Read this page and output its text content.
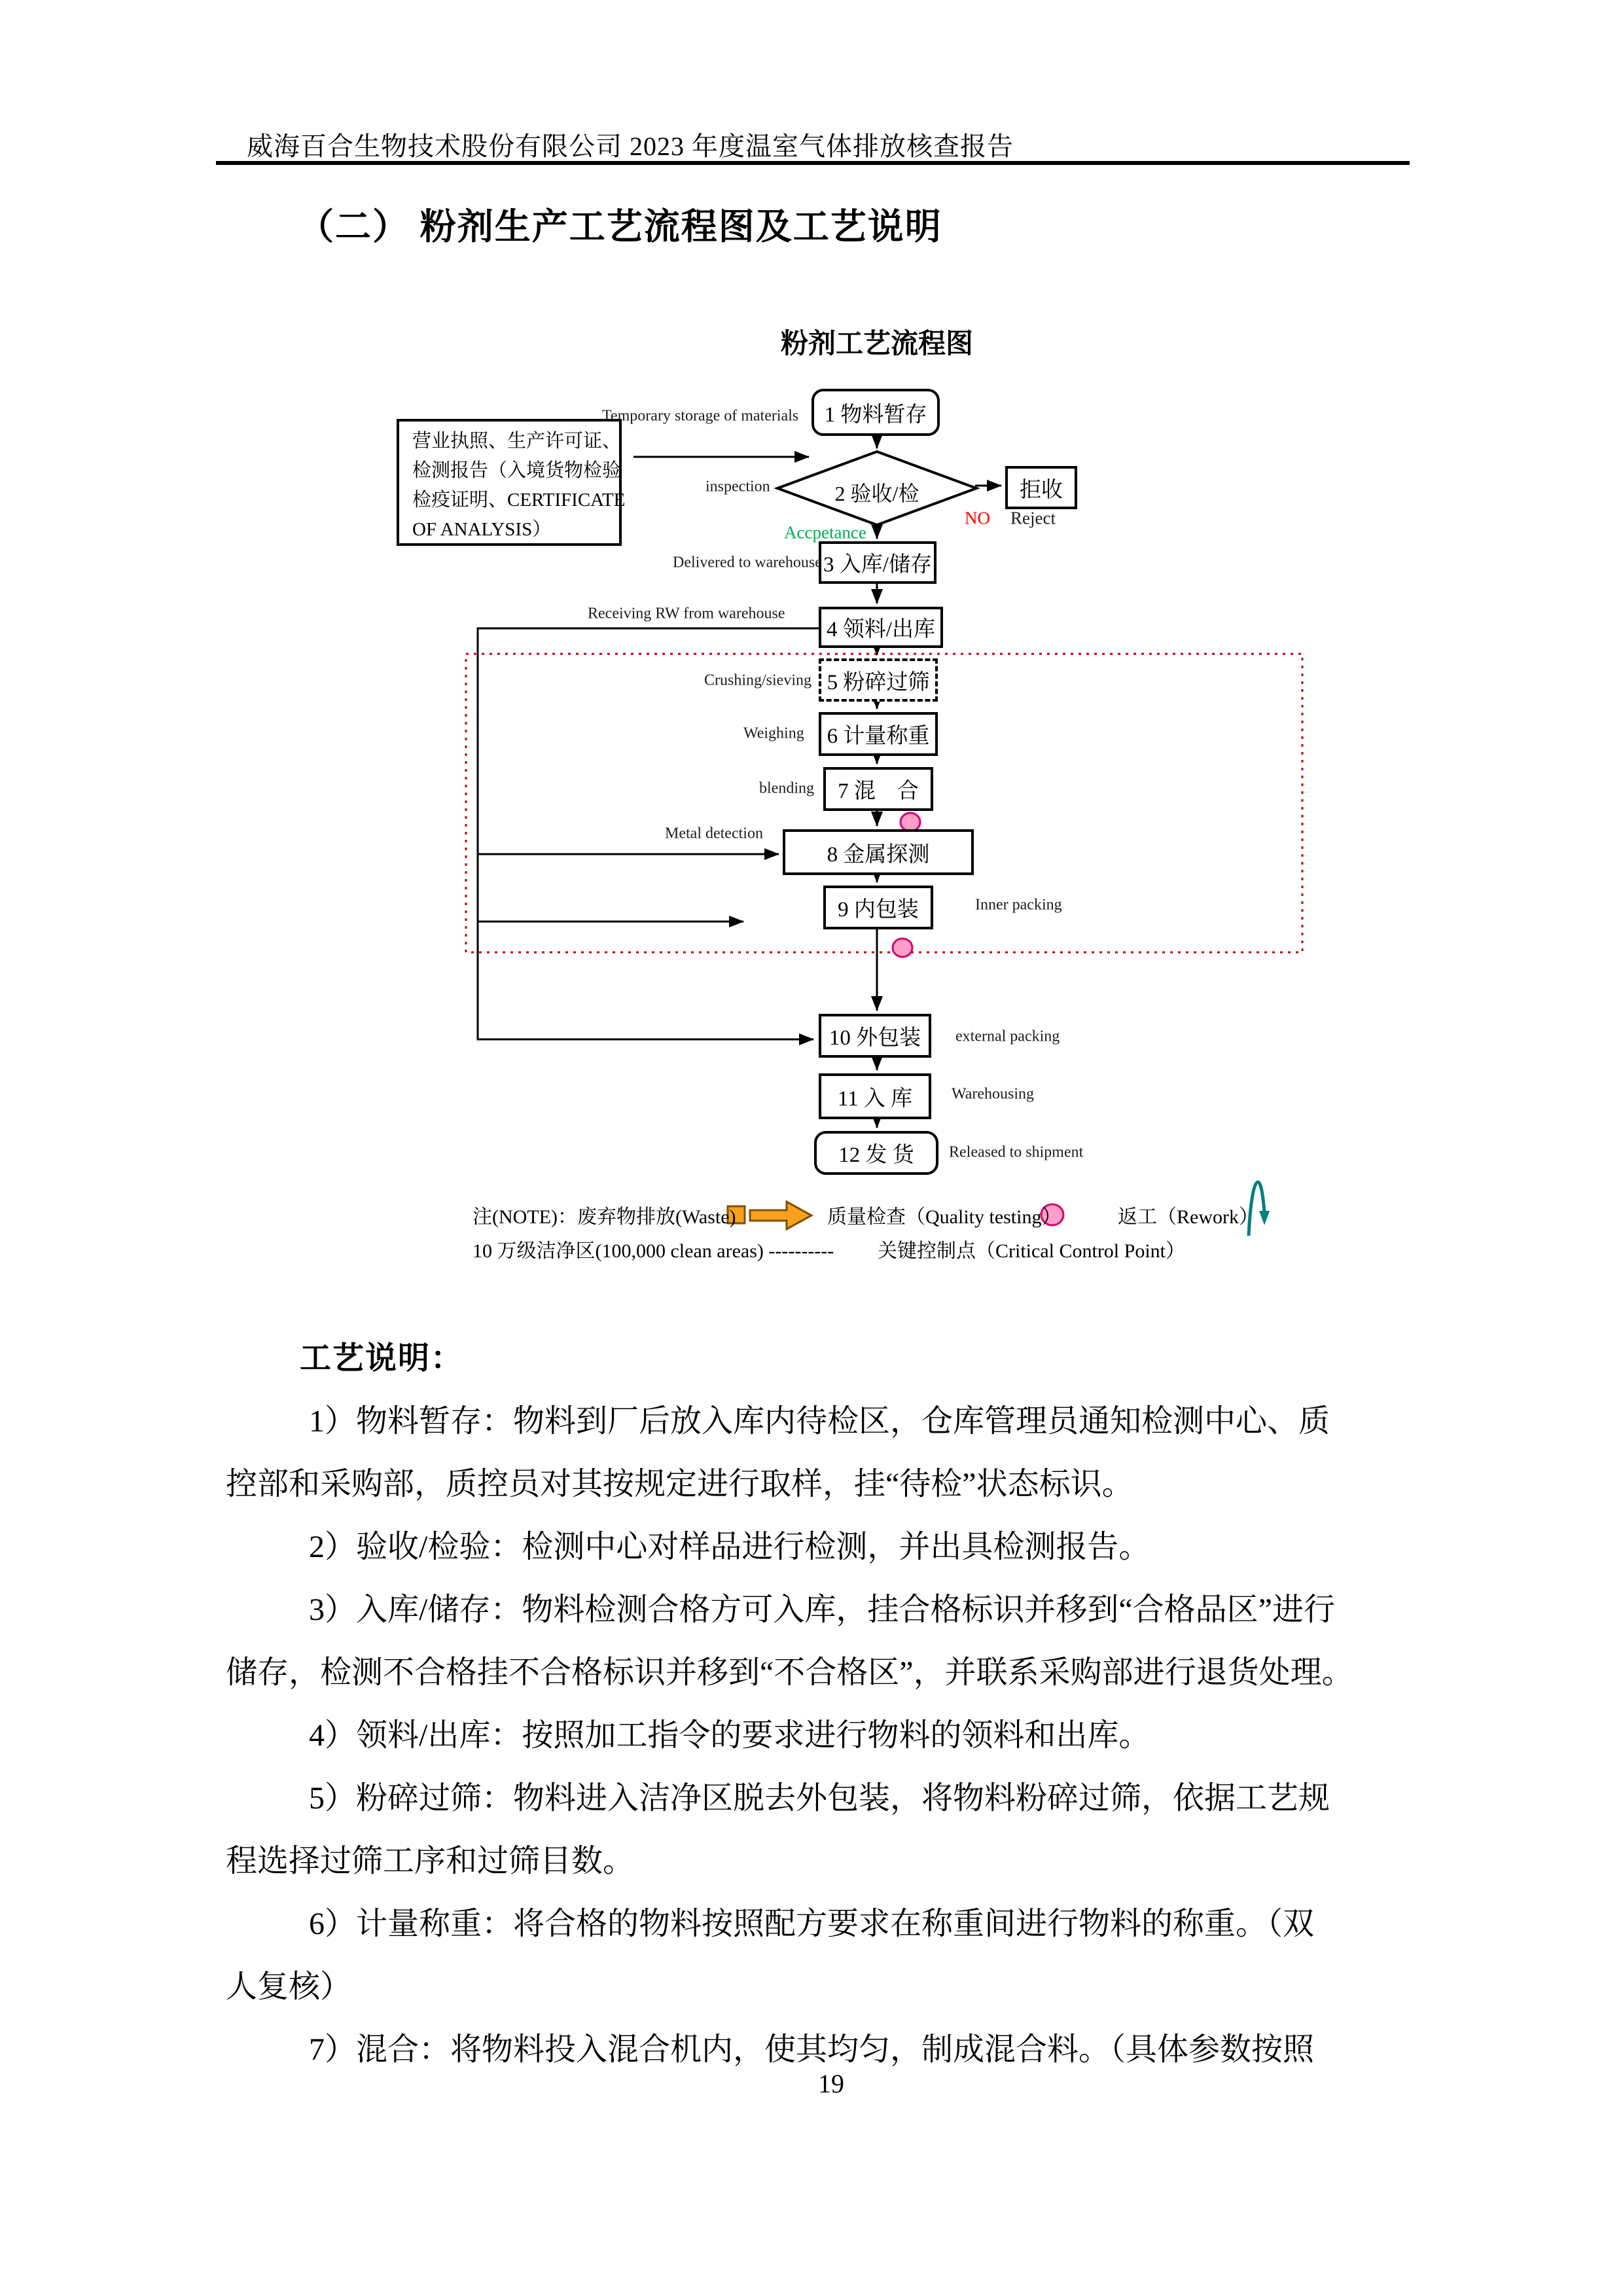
威海百合生物技术股份有限公司 2023 年度温室气体排放核查报告
（二） 粉剂生产工艺流程图及工艺说明
粉剂工艺流程图
营业执照、生产许可证、
检测报告（入境货物检验
检疫证明、CERTIFICATE
OF ANALYSIS）
1 物料暂存
2 验收/检	拒收
3 入库/储存
4 领料/出库
5 粉碎过筛
6 计量称重
7 混　合
8 金属探测
9 内包装
10 外包装
11 入 库
12 发 货
Temporary storage of materials
inspection
Accpetance
NO Reject
Delivered to warehouse
Receiving RW from warehouse
Crushing/sieving
Weighing
blending
Metal detection
Inner packing
external packing
Warehousing
Released to shipment
注(NOTE)：废弃物排放(Waste)	质量检查（Quality testing）	返工（Rework）
10 万级洁净区(100,000 clean areas) ---------- 关键控制点（Critical Control Point）
工艺说明：
1）物料暂存：物料到厂后放入库内待检区，仓库管理员通知检测中心、质
控部和采购部，质控员对其按规定进行取样，挂“待检”状态标识。
2）验收/检验：检测中心对样品进行检测，并出具检测报告。
3）入库/储存：物料检测合格方可入库，挂合格标识并移到“合格品区”进行
储存，检测不合格挂不合格标识并移到“不合格区”，并联系采购部进行退货处理。
4）领料/出库：按照加工指令的要求进行物料的领料和出库。
5）粉碎过筛：物料进入洁净区脱去外包装，将物料粉碎过筛，依据工艺规
程选择过筛工序和过筛目数。
6）计量称重：将合格的物料按照配方要求在称重间进行物料的称重。（双
人复核）
7）混合：将物料投入混合机内，使其均匀，制成混合料。（具体参数按照
19
